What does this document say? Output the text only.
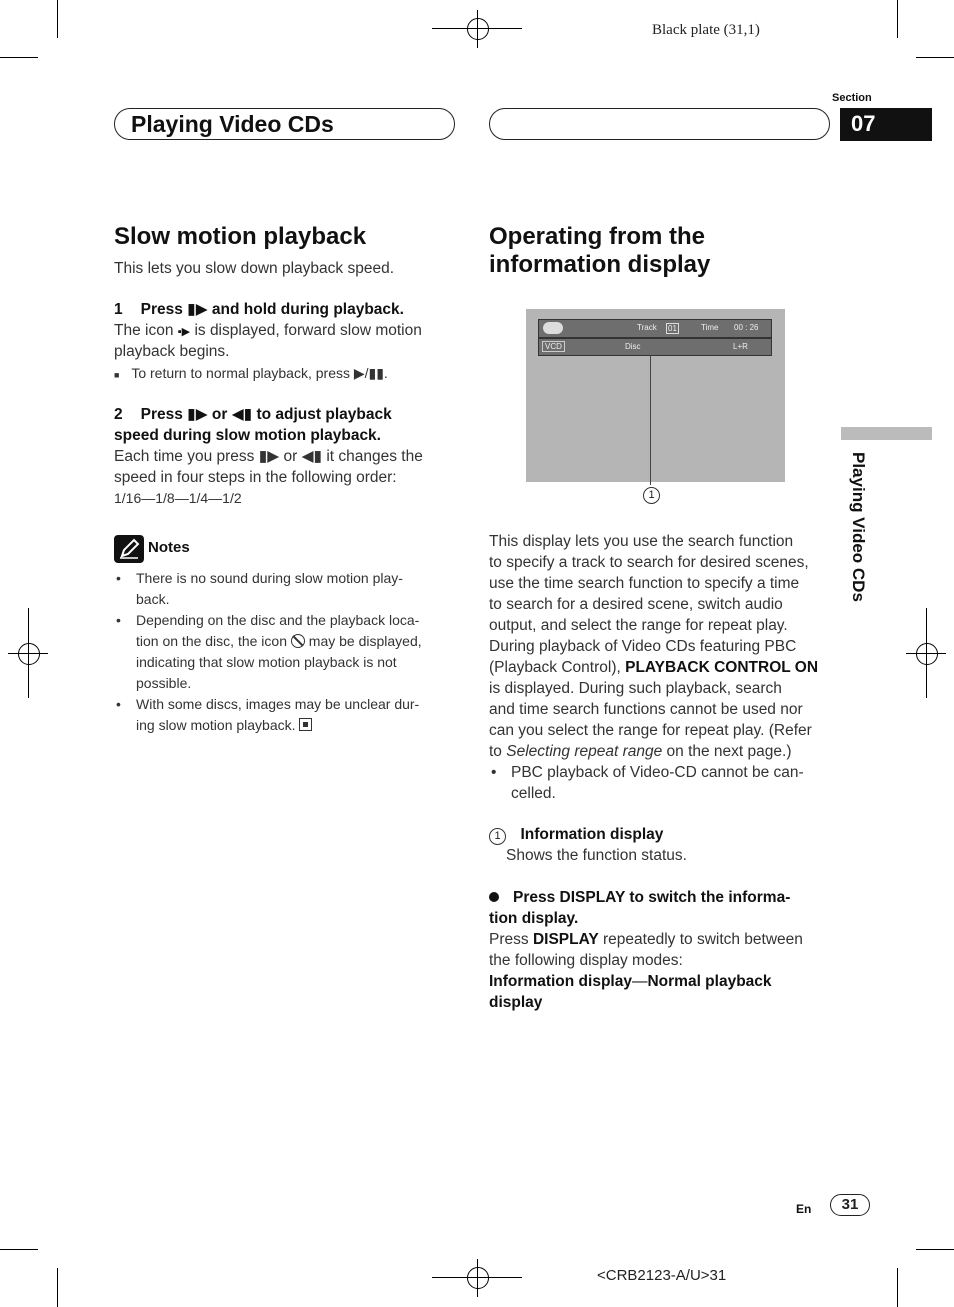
Black plate (31,1)
Playing Video CDs
Section
07
Playing Video CDs
Slow motion playback
This lets you slow down playback speed.
1 Press ▮▶ and hold during playback.
The icon ▪▶ is displayed, forward slow motion
playback begins.
■ To return to normal playback, press ▶/▮▮.
2 Press ▮▶ or ◀▮ to adjust playback
speed during slow motion playback.
Each time you press ▮▶ or ◀▮ it changes the
speed in four steps in the following order:
1/16—1/8—1/4—1/2
Notes
• There is no sound during slow motion play-
back.
• Depending on the disc and the playback loca-
tion on the disc, the icon may be displayed,
indicating that slow motion playback is not
possible.
• With some discs, images may be unclear dur-
ing slow motion playback.
Operating from the
information display
Track 01	Time 00 : 26
VCD	Disc	L+R
1
This display lets you use the search function
to specify a track to search for desired scenes,
use the time search function to specify a time
to search for a desired scene, switch audio
output, and select the range for repeat play.
During playback of Video CDs featuring PBC
(Playback Control), PLAYBACK CONTROL ON
is displayed. During such playback, search
and time search functions cannot be used nor
can you select the range for repeat play. (Refer
to Selecting repeat range on the next page.)
• PBC playback of Video-CD cannot be can-
celled.
1 Information display
Shows the function status.
Press DISPLAY to switch the informa-
tion display.
Press DISPLAY repeatedly to switch between
the following display modes:
Information display—Normal playback
display
En	31
<CRB2123-A/U>31
